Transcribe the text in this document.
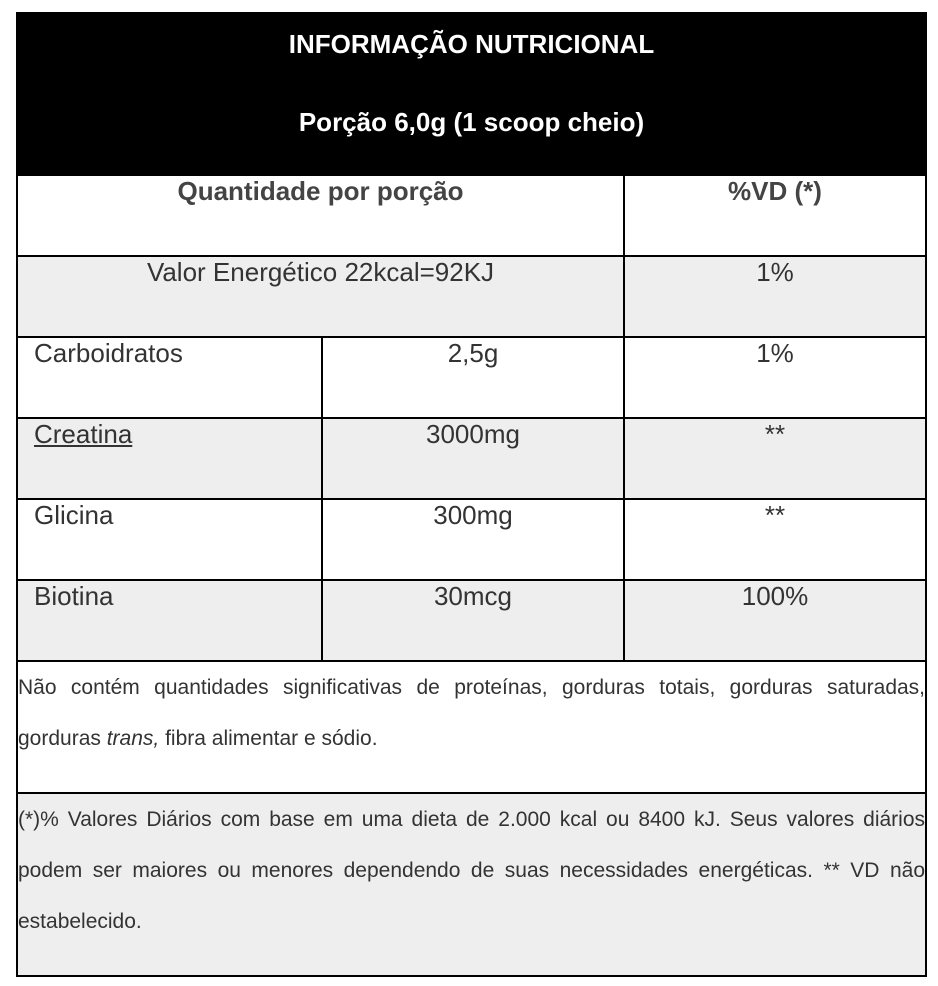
INFORMAÇÃO NUTRICIONAL
Porção 6,0g (1 scoop cheio)		

Quantidade por porção		%VD (*)
Valor Energético 22kcal=92KJ		1%
Carboidratos	2,5g	1%
Creatina	3000mg	**
Glicina	300mg	**
Biotina	30mcg	100%
Não contém quantidades significativas de proteínas, gorduras totais, gorduras saturadas, gorduras trans, fibra alimentar e sódio.		
(*)% Valores Diários com base em uma dieta de 2.000 kcal ou 8400 kJ. Seus valores diários podem ser maiores ou menores dependendo de suas necessidades energéticas. ** VD não estabelecido.		
